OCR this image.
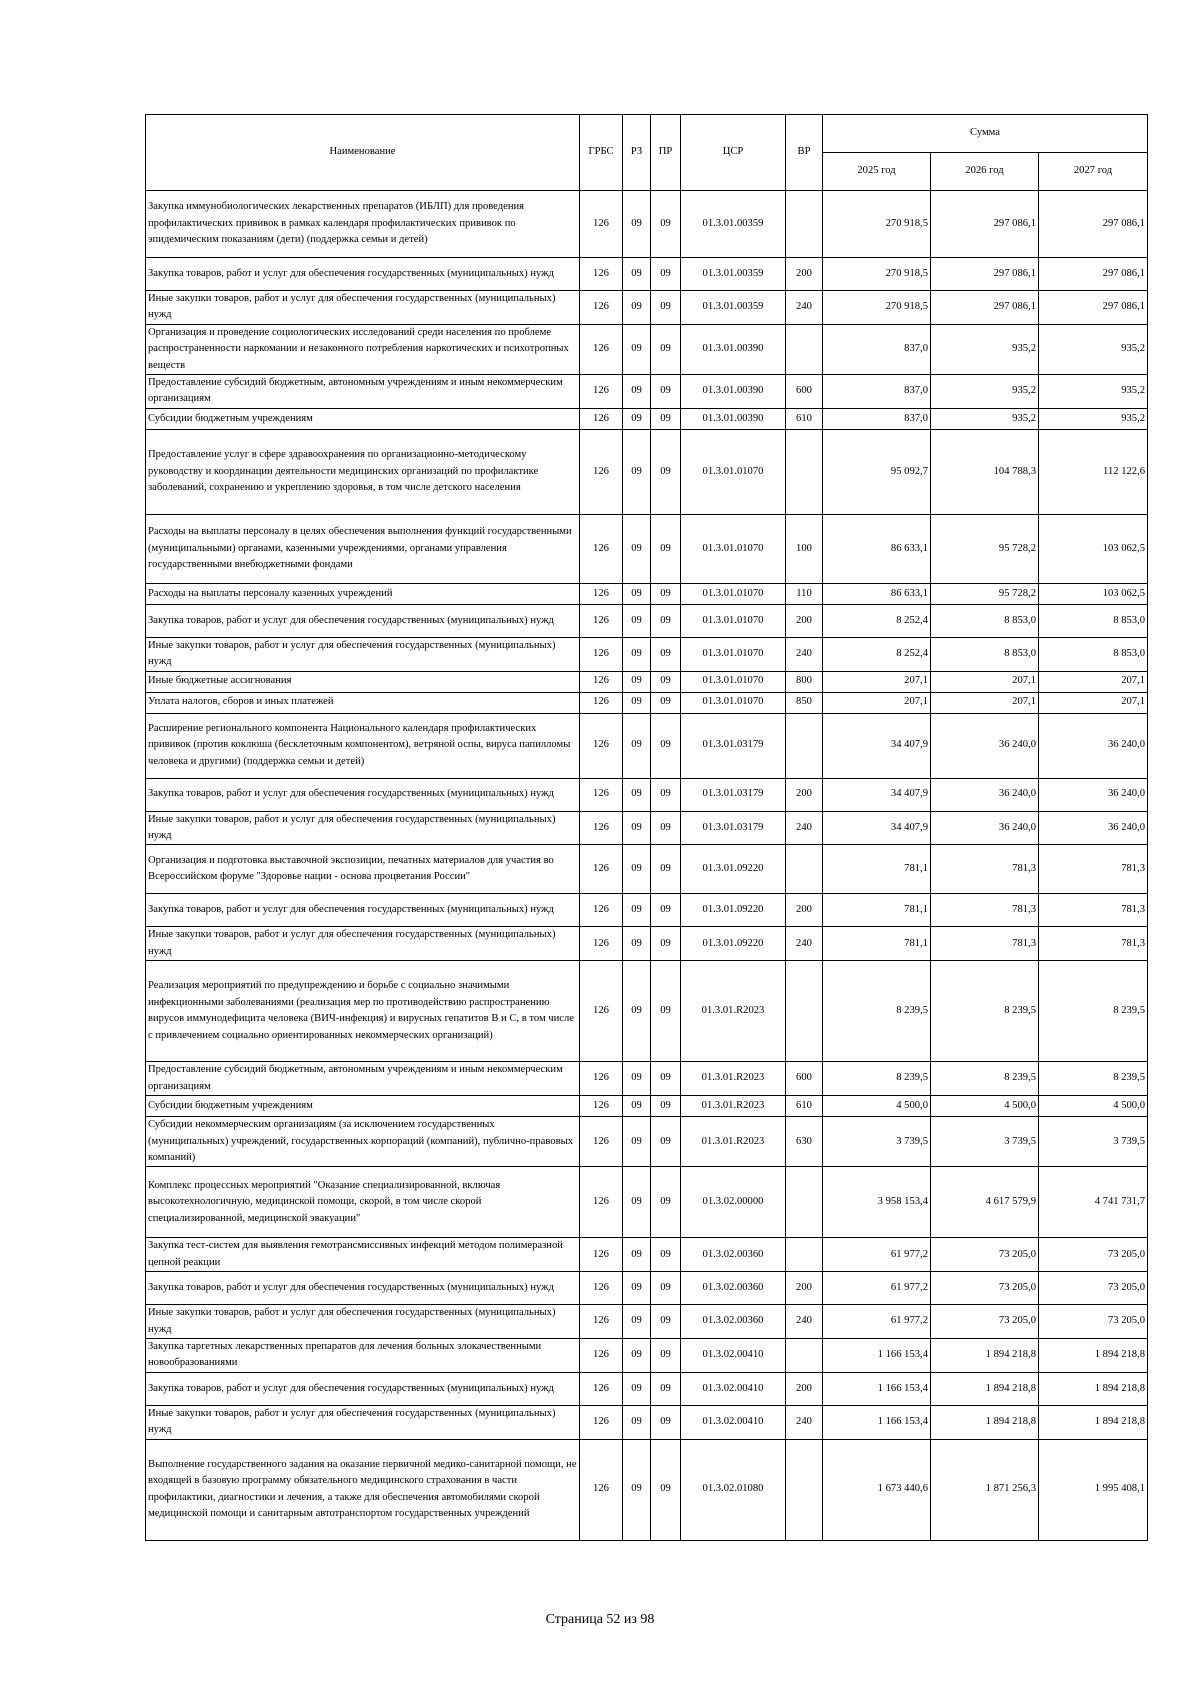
Наименование	ГРБС	РЗ	ПР	ЦСР	ВР	Сумма		
						2025 год	2026 год	2027 год
Закупка иммунобиологических лекарственных препаратов (ИБЛП) для проведения профилактических прививок в рамках календаря профилактических прививок по эпидемическим показаниям (дети) (поддержка семьи и детей)	126	09	09	01.3.01.00359		270 918,5	297 086,1	297 086,1
Закупка товаров, работ и услуг для обеспечения государственных (муниципальных) нужд	126	09	09	01.3.01.00359	200	270 918,5	297 086,1	297 086,1
Иные закупки товаров, работ и услуг для обеспечения государственных (муниципальных) нужд	126	09	09	01.3.01.00359	240	270 918,5	297 086,1	297 086,1
Организация и проведение социологических исследований среди населения по проблеме распространенности наркомании и незаконного потребления наркотических и психотропных веществ	126	09	09	01.3.01.00390		837,0	935,2	935,2
Предоставление субсидий бюджетным, автономным учреждениям и иным некоммерческим организациям	126	09	09	01.3.01.00390	600	837,0	935,2	935,2
Субсидии бюджетным учреждениям	126	09	09	01.3.01.00390	610	837,0	935,2	935,2
Предоставление услуг в сфере здравоохранения по организационно-методическому руководству и координации деятельности медицинских организаций по профилактике заболеваний, сохранению и укреплению здоровья, в том числе детского населения	126	09	09	01.3.01.01070		95 092,7	104 788,3	112 122,6
Расходы на выплаты персоналу в целях обеспечения выполнения функций государственными (муниципальными) органами, казенными учреждениями, органами управления государственными внебюджетными фондами	126	09	09	01.3.01.01070	100	86 633,1	95 728,2	103 062,5
Расходы на выплаты персоналу казенных учреждений	126	09	09	01.3.01.01070	110	86 633,1	95 728,2	103 062,5
Закупка товаров, работ и услуг для обеспечения государственных (муниципальных) нужд	126	09	09	01.3.01.01070	200	8 252,4	8 853,0	8 853,0
Иные закупки товаров, работ и услуг для обеспечения государственных (муниципальных) нужд	126	09	09	01.3.01.01070	240	8 252,4	8 853,0	8 853,0
Иные бюджетные ассигнования	126	09	09	01.3.01.01070	800	207,1	207,1	207,1
Уплата налогов, сборов и иных платежей	126	09	09	01.3.01.01070	850	207,1	207,1	207,1
Расширение регионального компонента Национального календаря профилактических прививок (против коклюша (бесклеточным компонентом), ветряной оспы, вируса папилломы человека и другими) (поддержка семьи и детей)	126	09	09	01.3.01.03179		34 407,9	36 240,0	36 240,0
Закупка товаров, работ и услуг для обеспечения государственных (муниципальных) нужд	126	09	09	01.3.01.03179	200	34 407,9	36 240,0	36 240,0
Иные закупки товаров, работ и услуг для обеспечения государственных (муниципальных) нужд	126	09	09	01.3.01.03179	240	34 407,9	36 240,0	36 240,0
Организация и подготовка выставочной экспозиции, печатных материалов для участия во Всероссийском форуме "Здоровье нации - основа процветания России"	126	09	09	01.3.01.09220		781,1	781,3	781,3
Закупка товаров, работ и услуг для обеспечения государственных (муниципальных) нужд	126	09	09	01.3.01.09220	200	781,1	781,3	781,3
Иные закупки товаров, работ и услуг для обеспечения государственных (муниципальных) нужд	126	09	09	01.3.01.09220	240	781,1	781,3	781,3
Реализация мероприятий по предупреждению и борьбе с социально значимыми инфекционными заболеваниями (реализация мер по противодействию распространению вирусов иммунодефицита человека (ВИЧ-инфекция) и вирусных гепатитов В и С, в том числе с привлечением социально ориентированных некоммерческих организаций)	126	09	09	01.3.01.R2023		8 239,5	8 239,5	8 239,5
Предоставление субсидий бюджетным, автономным учреждениям и иным некоммерческим организациям	126	09	09	01.3.01.R2023	600	8 239,5	8 239,5	8 239,5
Субсидии бюджетным учреждениям	126	09	09	01.3.01.R2023	610	4 500,0	4 500,0	4 500,0
Субсидии некоммерческим организациям (за исключением государственных (муниципальных) учреждений, государственных корпораций (компаний), публично-правовых компаний)	126	09	09	01.3.01.R2023	630	3 739,5	3 739,5	3 739,5
Комплекс процессных мероприятий "Оказание специализированной, включая высокотехнологичную, медицинской помощи, скорой, в том числе скорой специализированной, медицинской эвакуации"	126	09	09	01.3.02.00000		3 958 153,4	4 617 579,9	4 741 731,7
Закупка тест-систем для выявления гемотрансмиссивных инфекций методом полимеразной цепной реакции	126	09	09	01.3.02.00360		61 977,2	73 205,0	73 205,0
Закупка товаров, работ и услуг для обеспечения государственных (муниципальных) нужд	126	09	09	01.3.02.00360	200	61 977,2	73 205,0	73 205,0
Иные закупки товаров, работ и услуг для обеспечения государственных (муниципальных) нужд	126	09	09	01.3.02.00360	240	61 977,2	73 205,0	73 205,0
Закупка таргетных лекарственных препаратов для лечения больных злокачественными новообразованиями	126	09	09	01.3.02.00410		1 166 153,4	1 894 218,8	1 894 218,8
Закупка товаров, работ и услуг для обеспечения государственных (муниципальных) нужд	126	09	09	01.3.02.00410	200	1 166 153,4	1 894 218,8	1 894 218,8
Иные закупки товаров, работ и услуг для обеспечения государственных (муниципальных) нужд	126	09	09	01.3.02.00410	240	1 166 153,4	1 894 218,8	1 894 218,8
Выполнение государственного задания на оказание первичной медико-санитарной помощи, не входящей в базовую программу обязательного медицинского страхования в части профилактики, диагностики и лечения, а также для обеспечения автомобилями скорой медицинской помощи и санитарным автотранспортом государственных учреждений	126	09	09	01.3.02.01080		1 673 440,6	1 871 256,3	1 995 408,1
Страница 52 из 98
